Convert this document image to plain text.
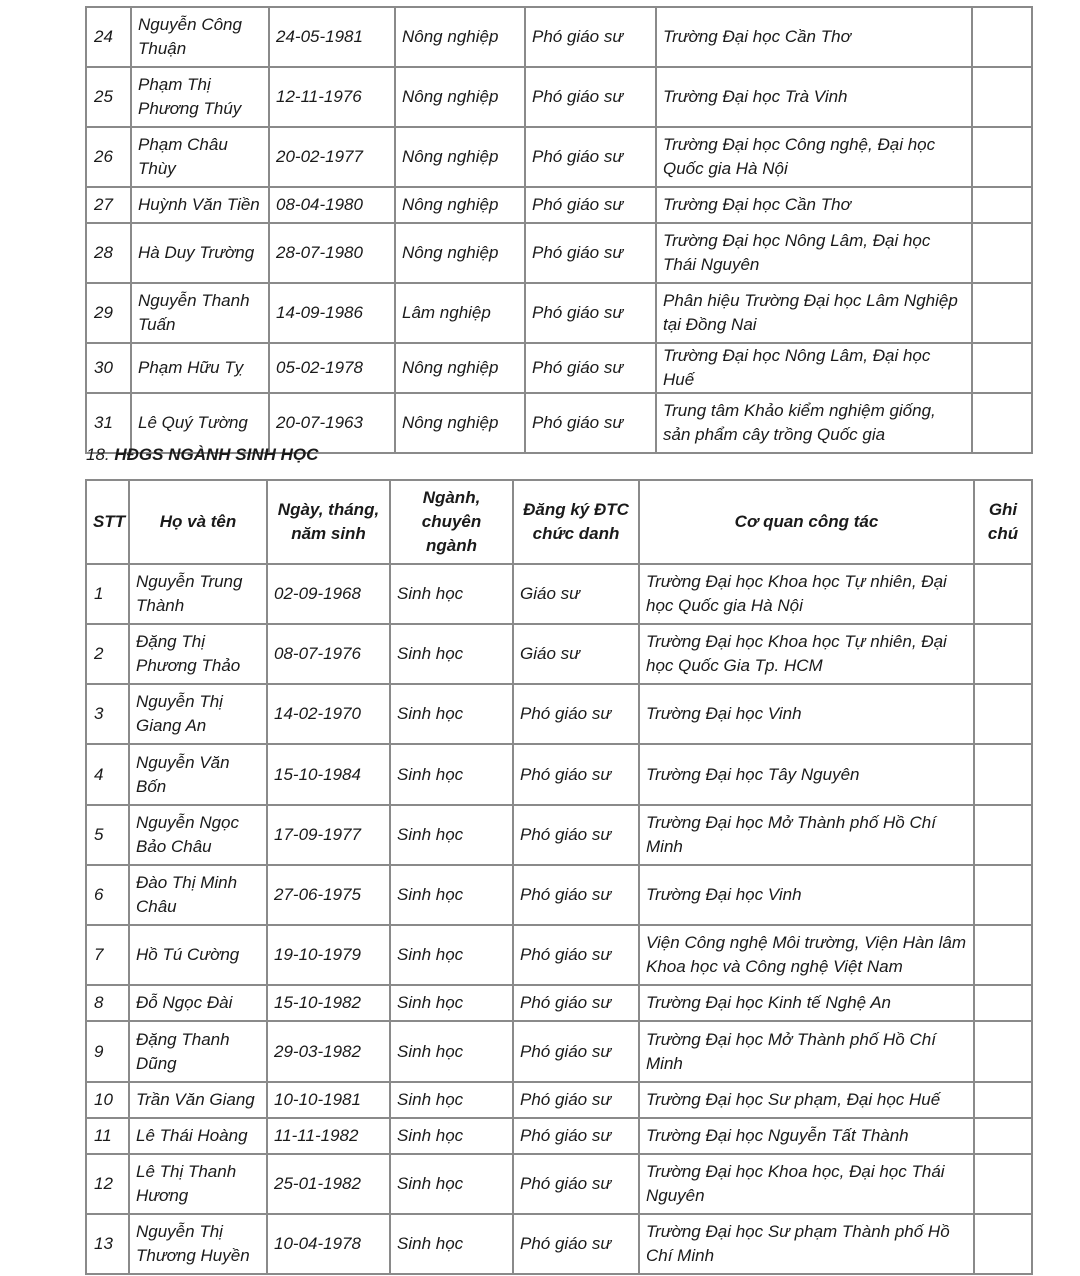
24	Nguyễn Công Thuận	24-05-1981	Nông nghiệp	Phó giáo sư	Trường Đại học Cần Thơ	
25	Phạm Thị Phương Thúy	12-11-1976	Nông nghiệp	Phó giáo sư	Trường Đại học Trà Vinh	
26	Phạm Châu Thùy	20-02-1977	Nông nghiệp	Phó giáo sư	Trường Đại học Công nghệ, Đại học Quốc gia Hà Nội	
27	Huỳnh Văn Tiền	08-04-1980	Nông nghiệp	Phó giáo sư	Trường Đại học Cần Thơ	
28	Hà Duy Trường	28-07-1980	Nông nghiệp	Phó giáo sư	Trường Đại học Nông Lâm, Đại học Thái Nguyên	
29	Nguyễn Thanh Tuấn	14-09-1986	Lâm nghiệp	Phó giáo sư	Phân hiệu Trường Đại học Lâm Nghiệp tại Đồng Nai	
30	Phạm Hữu Tỵ	05-02-1978	Nông nghiệp	Phó giáo sư	Trường Đại học Nông Lâm, Đại học Huế	
31	Lê Quý Tường	20-07-1963	Nông nghiệp	Phó giáo sư	Trung tâm Khảo kiểm nghiệm giống, sản phẩm cây trồng Quốc gia	

18. HĐGS NGÀNH SINH HỌC

STT	Họ và tên	Ngày, tháng, năm sinh	Ngành, chuyên ngành	Đăng ký ĐTC chức danh	Cơ quan công tác	Ghi chú
1	Nguyễn Trung Thành	02-09-1968	Sinh học	Giáo sư	Trường Đại học Khoa học Tự nhiên, Đại học Quốc gia Hà Nội	
2	Đặng Thị Phương Thảo	08-07-1976	Sinh học	Giáo sư	Trường Đại học Khoa học Tự nhiên, Đại học Quốc Gia Tp. HCM	
3	Nguyễn Thị Giang An	14-02-1970	Sinh học	Phó giáo sư	Trường Đại học Vinh	
4	Nguyễn Văn Bốn	15-10-1984	Sinh học	Phó giáo sư	Trường Đại học Tây Nguyên	
5	Nguyễn Ngọc Bảo Châu	17-09-1977	Sinh học	Phó giáo sư	Trường Đại học Mở Thành phố Hồ Chí Minh	
6	Đào Thị Minh Châu	27-06-1975	Sinh học	Phó giáo sư	Trường Đại học Vinh	
7	Hồ Tú Cường	19-10-1979	Sinh học	Phó giáo sư	Viện Công nghệ Môi trường, Viện Hàn lâm Khoa học và Công nghệ Việt Nam	
8	Đỗ Ngọc Đài	15-10-1982	Sinh học	Phó giáo sư	Trường Đại học Kinh tế Nghệ An	
9	Đặng Thanh Dũng	29-03-1982	Sinh học	Phó giáo sư	Trường Đại học Mở Thành phố Hồ Chí Minh	
10	Trần Văn Giang	10-10-1981	Sinh học	Phó giáo sư	Trường Đại học Sư phạm, Đại học Huế	
11	Lê Thái Hoàng	11-11-1982	Sinh học	Phó giáo sư	Trường Đại học Nguyễn Tất Thành	
12	Lê Thị Thanh Hương	25-01-1982	Sinh học	Phó giáo sư	Trường Đại học Khoa học, Đại học Thái Nguyên	
13	Nguyễn Thị Thương Huyền	10-04-1978	Sinh học	Phó giáo sư	Trường Đại học Sư phạm Thành phố Hồ Chí Minh	
